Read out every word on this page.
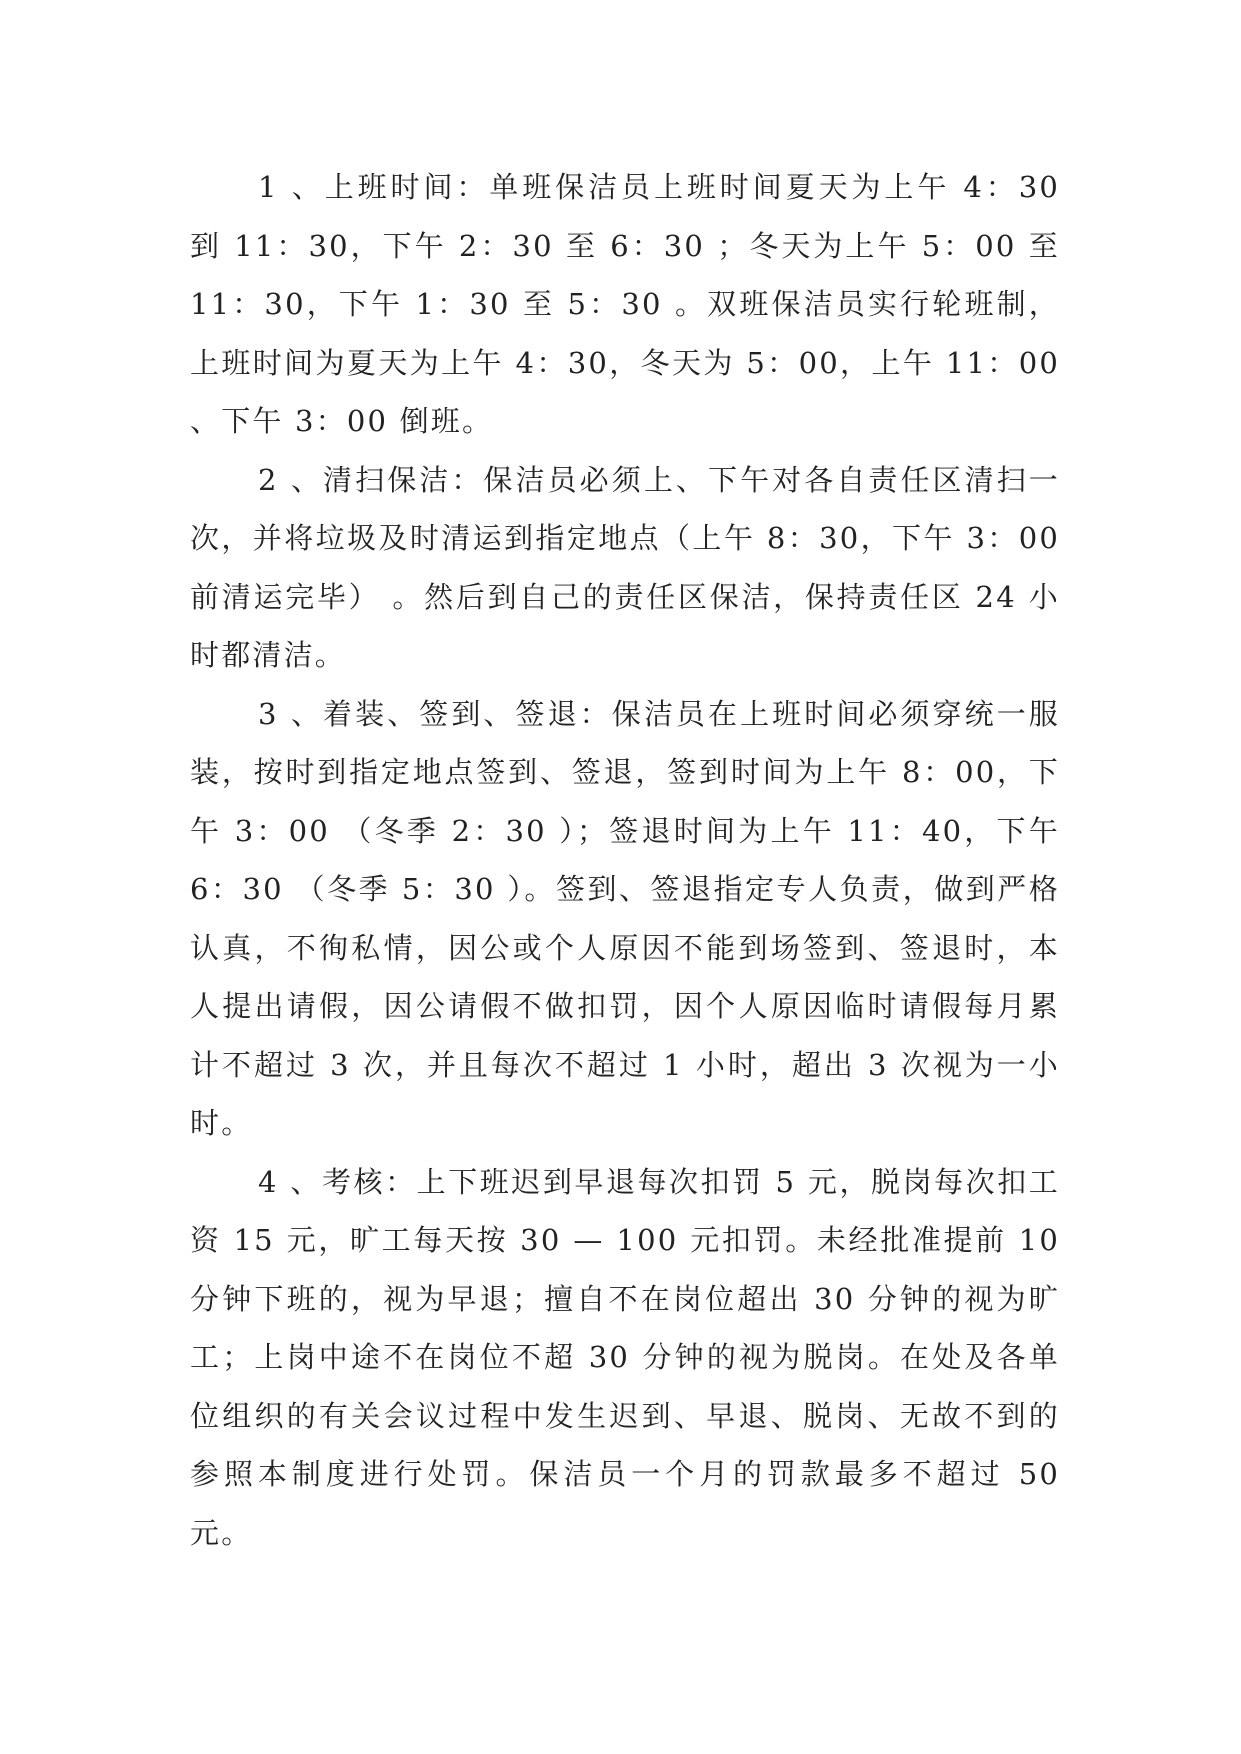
1 、上班时间：单班保洁员上班时间夏天为上午 4：30 到 11：30，下午 2：30 至 6：30 ；冬天为上午 5：00 至 11：30，下午 1：30 至 5：30 。双班保洁员实行轮班制，上班时间为夏天为上午 4：30，冬天为 5：00，上午 11：00 、下午 3：00 倒班。

2 、清扫保洁：保洁员必须上、下午对各自责任区清扫一次，并将垃圾及时清运到指定地点（上午 8：30，下午 3：00 前清运完毕） 。然后到自己的责任区保洁，保持责任区 24 小时都清洁。

3 、着装、签到、签退：保洁员在上班时间必须穿统一服装，按时到指定地点签到、签退，签到时间为上午 8：00，下午 3：00 （冬季 2：30 ）；签退时间为上午 11：40，下午 6：30 （冬季 5：30 ）。签到、签退指定专人负责，做到严格认真，不徇私情，因公或个人原因不能到场签到、签退时，本人提出请假，因公请假不做扣罚，因个人原因临时请假每月累计不超过 3 次，并且每次不超过 1 小时，超出 3 次视为一小时。

4 、考核：上下班迟到早退每次扣罚 5 元，脱岗每次扣工资 15 元，旷工每天按 30 — 100 元扣罚。未经批准提前 10 分钟下班的，视为早退；擅自不在岗位超出 30 分钟的视为旷工；上岗中途不在岗位不超 30 分钟的视为脱岗。在处及各单位组织的有关会议过程中发生迟到、早退、脱岗、无故不到的参照本制度进行处罚。保洁员一个月的罚款最多不超过 50 元。
